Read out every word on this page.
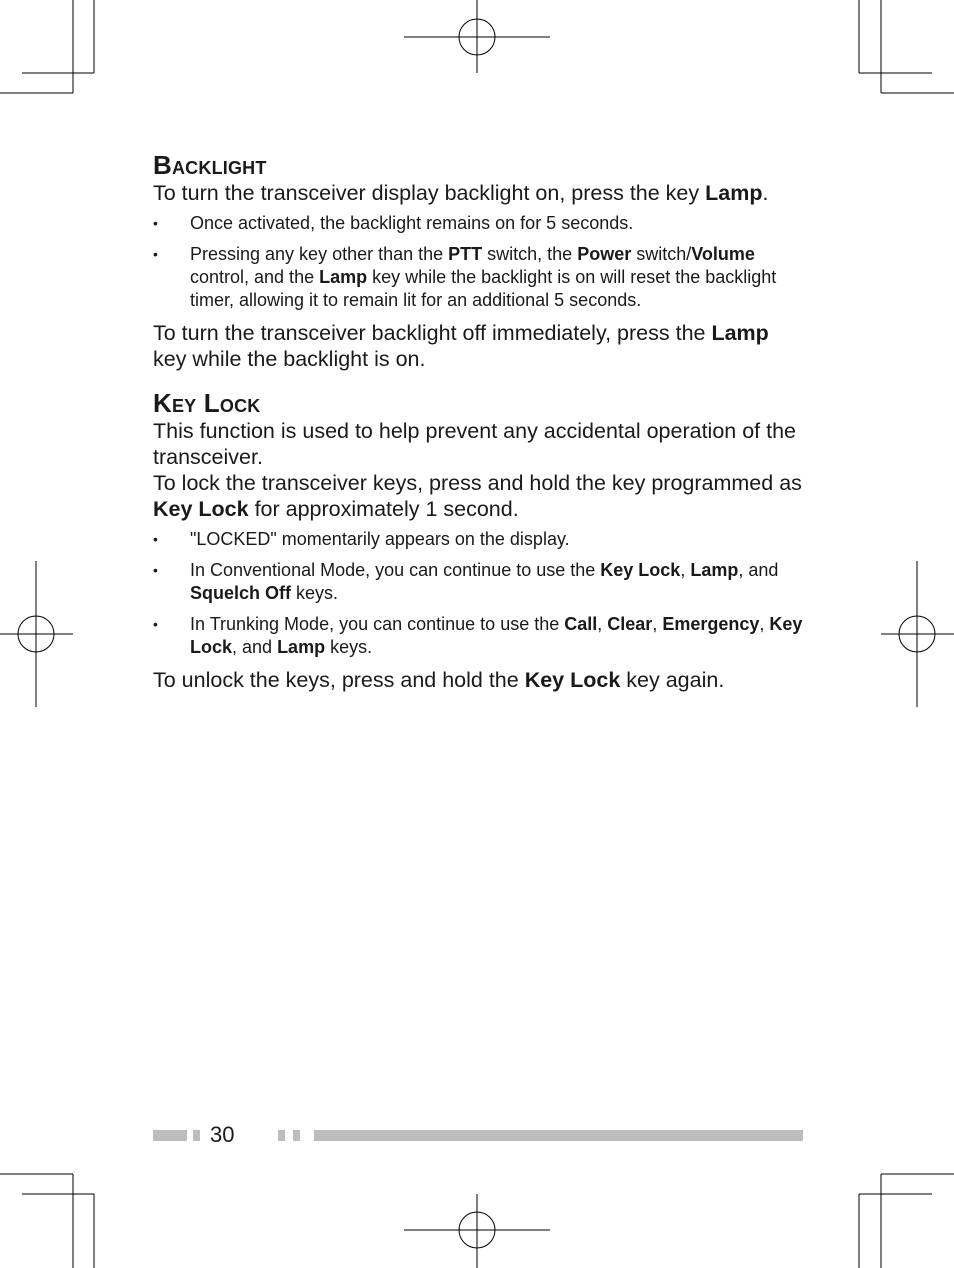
Backlight

To turn the transceiver display backlight on, press the key Lamp.

• Once activated, the backlight remains on for 5 seconds.
• Pressing any key other than the PTT switch, the Power switch/Volume control, and the Lamp key while the backlight is on will reset the backlight timer, allowing it to remain lit for an additional 5 seconds.

To turn the transceiver backlight off immediately, press the Lamp key while the backlight is on.

Key Lock

This function is used to help prevent any accidental operation of the transceiver.

To lock the transceiver keys, press and hold the key programmed as Key Lock for approximately 1 second.

• "LOCKED" momentarily appears on the display.
• In Conventional Mode, you can continue to use the Key Lock, Lamp, and Squelch Off keys.
• In Trunking Mode, you can continue to use the Call, Clear, Emergency, Key Lock, and Lamp keys.

To unlock the keys, press and hold the Key Lock key again.

30
